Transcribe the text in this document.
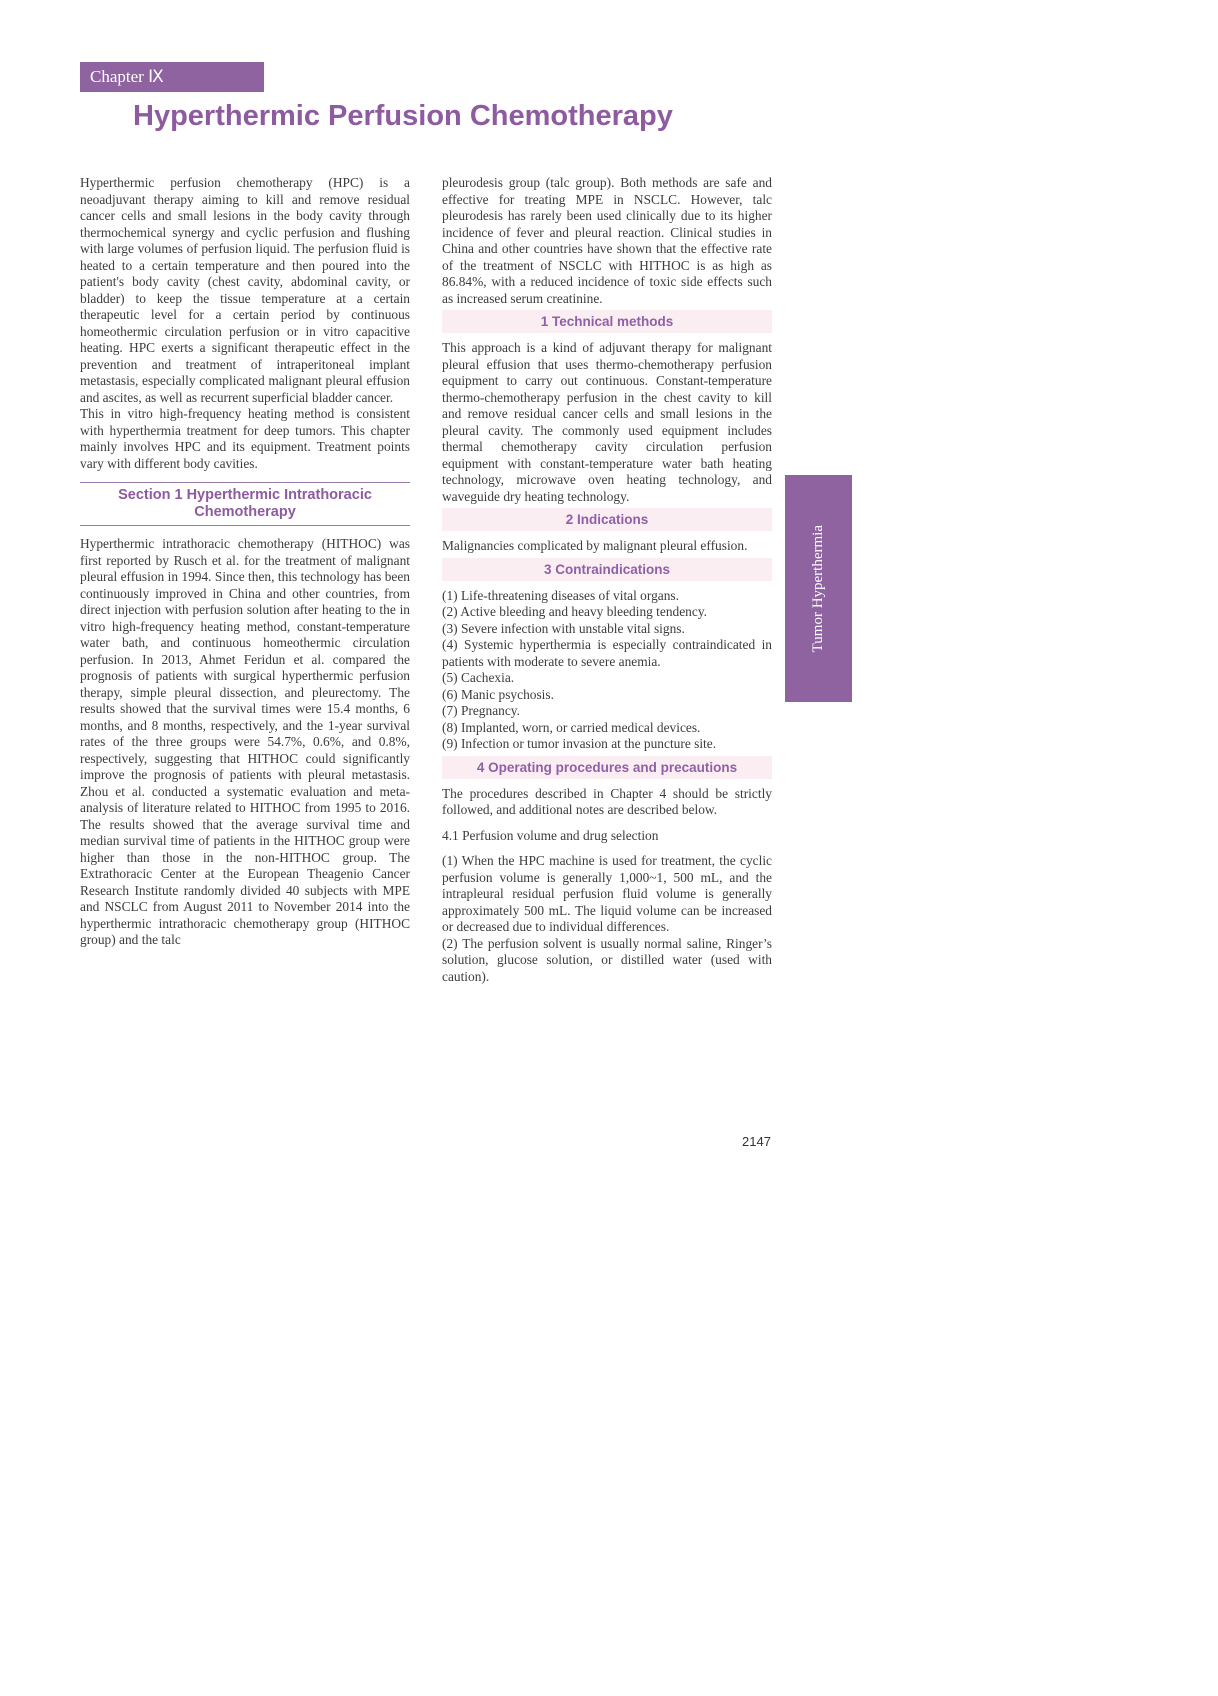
Chapter Ⅸ
Hyperthermic Perfusion Chemotherapy

Hyperthermic perfusion chemotherapy (HPC) is a neoadjuvant therapy aiming to kill and remove residual cancer cells and small lesions in the body cavity through thermochemical synergy and cyclic perfusion and flushing with large volumes of perfusion liquid. The perfusion fluid is heated to a certain temperature and then poured into the patient's body cavity (chest cavity, abdominal cavity, or bladder) to keep the tissue temperature at a certain therapeutic level for a certain period by continuous homeothermic circulation perfusion or in vitro capacitive heating. HPC exerts a significant therapeutic effect in the prevention and treatment of intraperitoneal implant metastasis, especially complicated malignant pleural effusion and ascites, as well as recurrent superficial bladder cancer.

This in vitro high-frequency heating method is consistent with hyperthermia treatment for deep tumors. This chapter mainly involves HPC and its equipment. Treatment points vary with different body cavities.

Section 1 Hyperthermic Intrathoracic Chemotherapy

Hyperthermic intrathoracic chemotherapy (HITHOC) was first reported by Rusch et al. for the treatment of malignant pleural effusion in 1994. Since then, this technology has been continuously improved in China and other countries, from direct injection with perfusion solution after heating to the in vitro high-frequency heating method, constant-temperature water bath, and continuous homeothermic circulation perfusion. In 2013, Ahmet Feridun et al. compared the prognosis of patients with surgical hyperthermic perfusion therapy, simple pleural dissection, and pleurectomy. The results showed that the survival times were 15.4 months, 6 months, and 8 months, respectively, and the 1-year survival rates of the three groups were 54.7%, 0.6%, and 0.8%, respectively, suggesting that HITHOC could significantly improve the prognosis of patients with pleural metastasis. Zhou et al. conducted a systematic evaluation and meta-analysis of literature related to HITHOC from 1995 to 2016. The results showed that the average survival time and median survival time of patients in the HITHOC group were higher than those in the non-HITHOC group. The Extrathoracic Center at the European Theagenio Cancer Research Institute randomly divided 40 subjects with MPE and NSCLC from August 2011 to November 2014 into the hyperthermic intrathoracic chemotherapy group (HITHOC group) and the talc

pleurodesis group (talc group). Both methods are safe and effective for treating MPE in NSCLC. However, talc pleurodesis has rarely been used clinically due to its higher incidence of fever and pleural reaction. Clinical studies in China and other countries have shown that the effective rate of the treatment of NSCLC with HITHOC is as high as 86.84%, with a reduced incidence of toxic side effects such as increased serum creatinine.

1 Technical methods

This approach is a kind of adjuvant therapy for malignant pleural effusion that uses thermo-chemotherapy perfusion equipment to carry out continuous. Constant-temperature thermo-chemotherapy perfusion in the chest cavity to kill and remove residual cancer cells and small lesions in the pleural cavity. The commonly used equipment includes thermal chemotherapy cavity circulation perfusion equipment with constant-temperature water bath heating technology, microwave oven heating technology, and waveguide dry heating technology.

2 Indications

Malignancies complicated by malignant pleural effusion.

3 Contraindications

(1) Life-threatening diseases of vital organs.

(2) Active bleeding and heavy bleeding tendency.

(3) Severe infection with unstable vital signs.

(4) Systemic hyperthermia is especially contraindicated in patients with moderate to severe anemia.

(5) Cachexia.

(6) Manic psychosis.

(7) Pregnancy.

(8) Implanted, worn, or carried medical devices.

(9) Infection or tumor invasion at the puncture site.

4 Operating procedures and precautions

The procedures described in Chapter 4 should be strictly followed, and additional notes are described below.

4.1 Perfusion volume and drug selection

(1) When the HPC machine is used for treatment, the cyclic perfusion volume is generally 1,000~1, 500 mL, and the intrapleural residual perfusion fluid volume is generally approximately 500 mL. The liquid volume can be increased or decreased due to individual differences.

(2) The perfusion solvent is usually normal saline, Ringer’s solution, glucose solution, or distilled water (used with caution).

2147
Tumor Hyperthermia
